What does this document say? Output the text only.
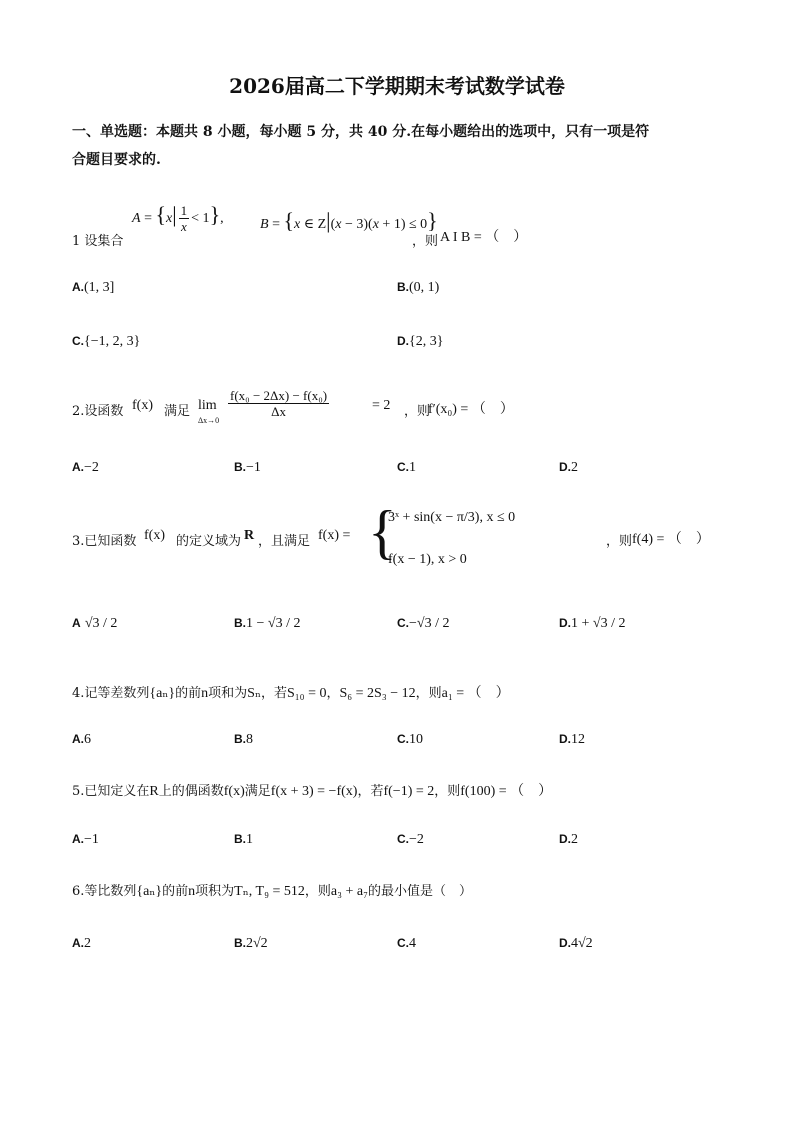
2026届高二下学期期末考试数学试卷
一、单选题：本题共 8 小题，每小题 5 分，共 40 分.在每小题给出的选项中，只有一项是符
合题目要求的.
1 设集合
$A = \{x| \frac{1}{x} < 1\}$,	B = {x ∈ Z|(x − 3)(x + 1) ≤ 0}
，则 A I B = （　）
A.(1, 3]	B.(0, 1)
C.{−1, 2, 3}	D.{2, 3}
2.设函数 f(x) 满足 lim
Δx→0
$\frac{\text{f(x₀ − 2Δx) − f(x₀)}}{\Delta x}$	= 2 ，则
f′(x₀) = （　）
A.−2	B.−1	C.1	D.2
3.已知函数 f(x) 的定义域为 R ，且满足 f(x) = {
3ˣ + sin(x − π/3), x ≤ 0
f(x − 1), x > 0
，则 f(4) = （　）
A √3 / 2	B.1 − √3 / 2	C.−√3 / 2	D.1 + √3 / 2
4.记等差数列{aₙ}的前n项和为Sₙ，若S₁₀ = 0，S₆ = 2S₃ − 12，则a₁ = （　）
A.6	B.8	C.10	D.12
5.已知定义在R上的偶函数f(x)满足f(x + 3) = −f(x)，若f(−1) = 2，则f(100) = （　）
A.−1	B.1	C.−2	D.2
6.等比数列{aₙ}的前n项积为Tₙ, T₉ = 512，则a₃ + a₇的最小值是（　）
A.2	B.2√2	C.4	D.4√2
